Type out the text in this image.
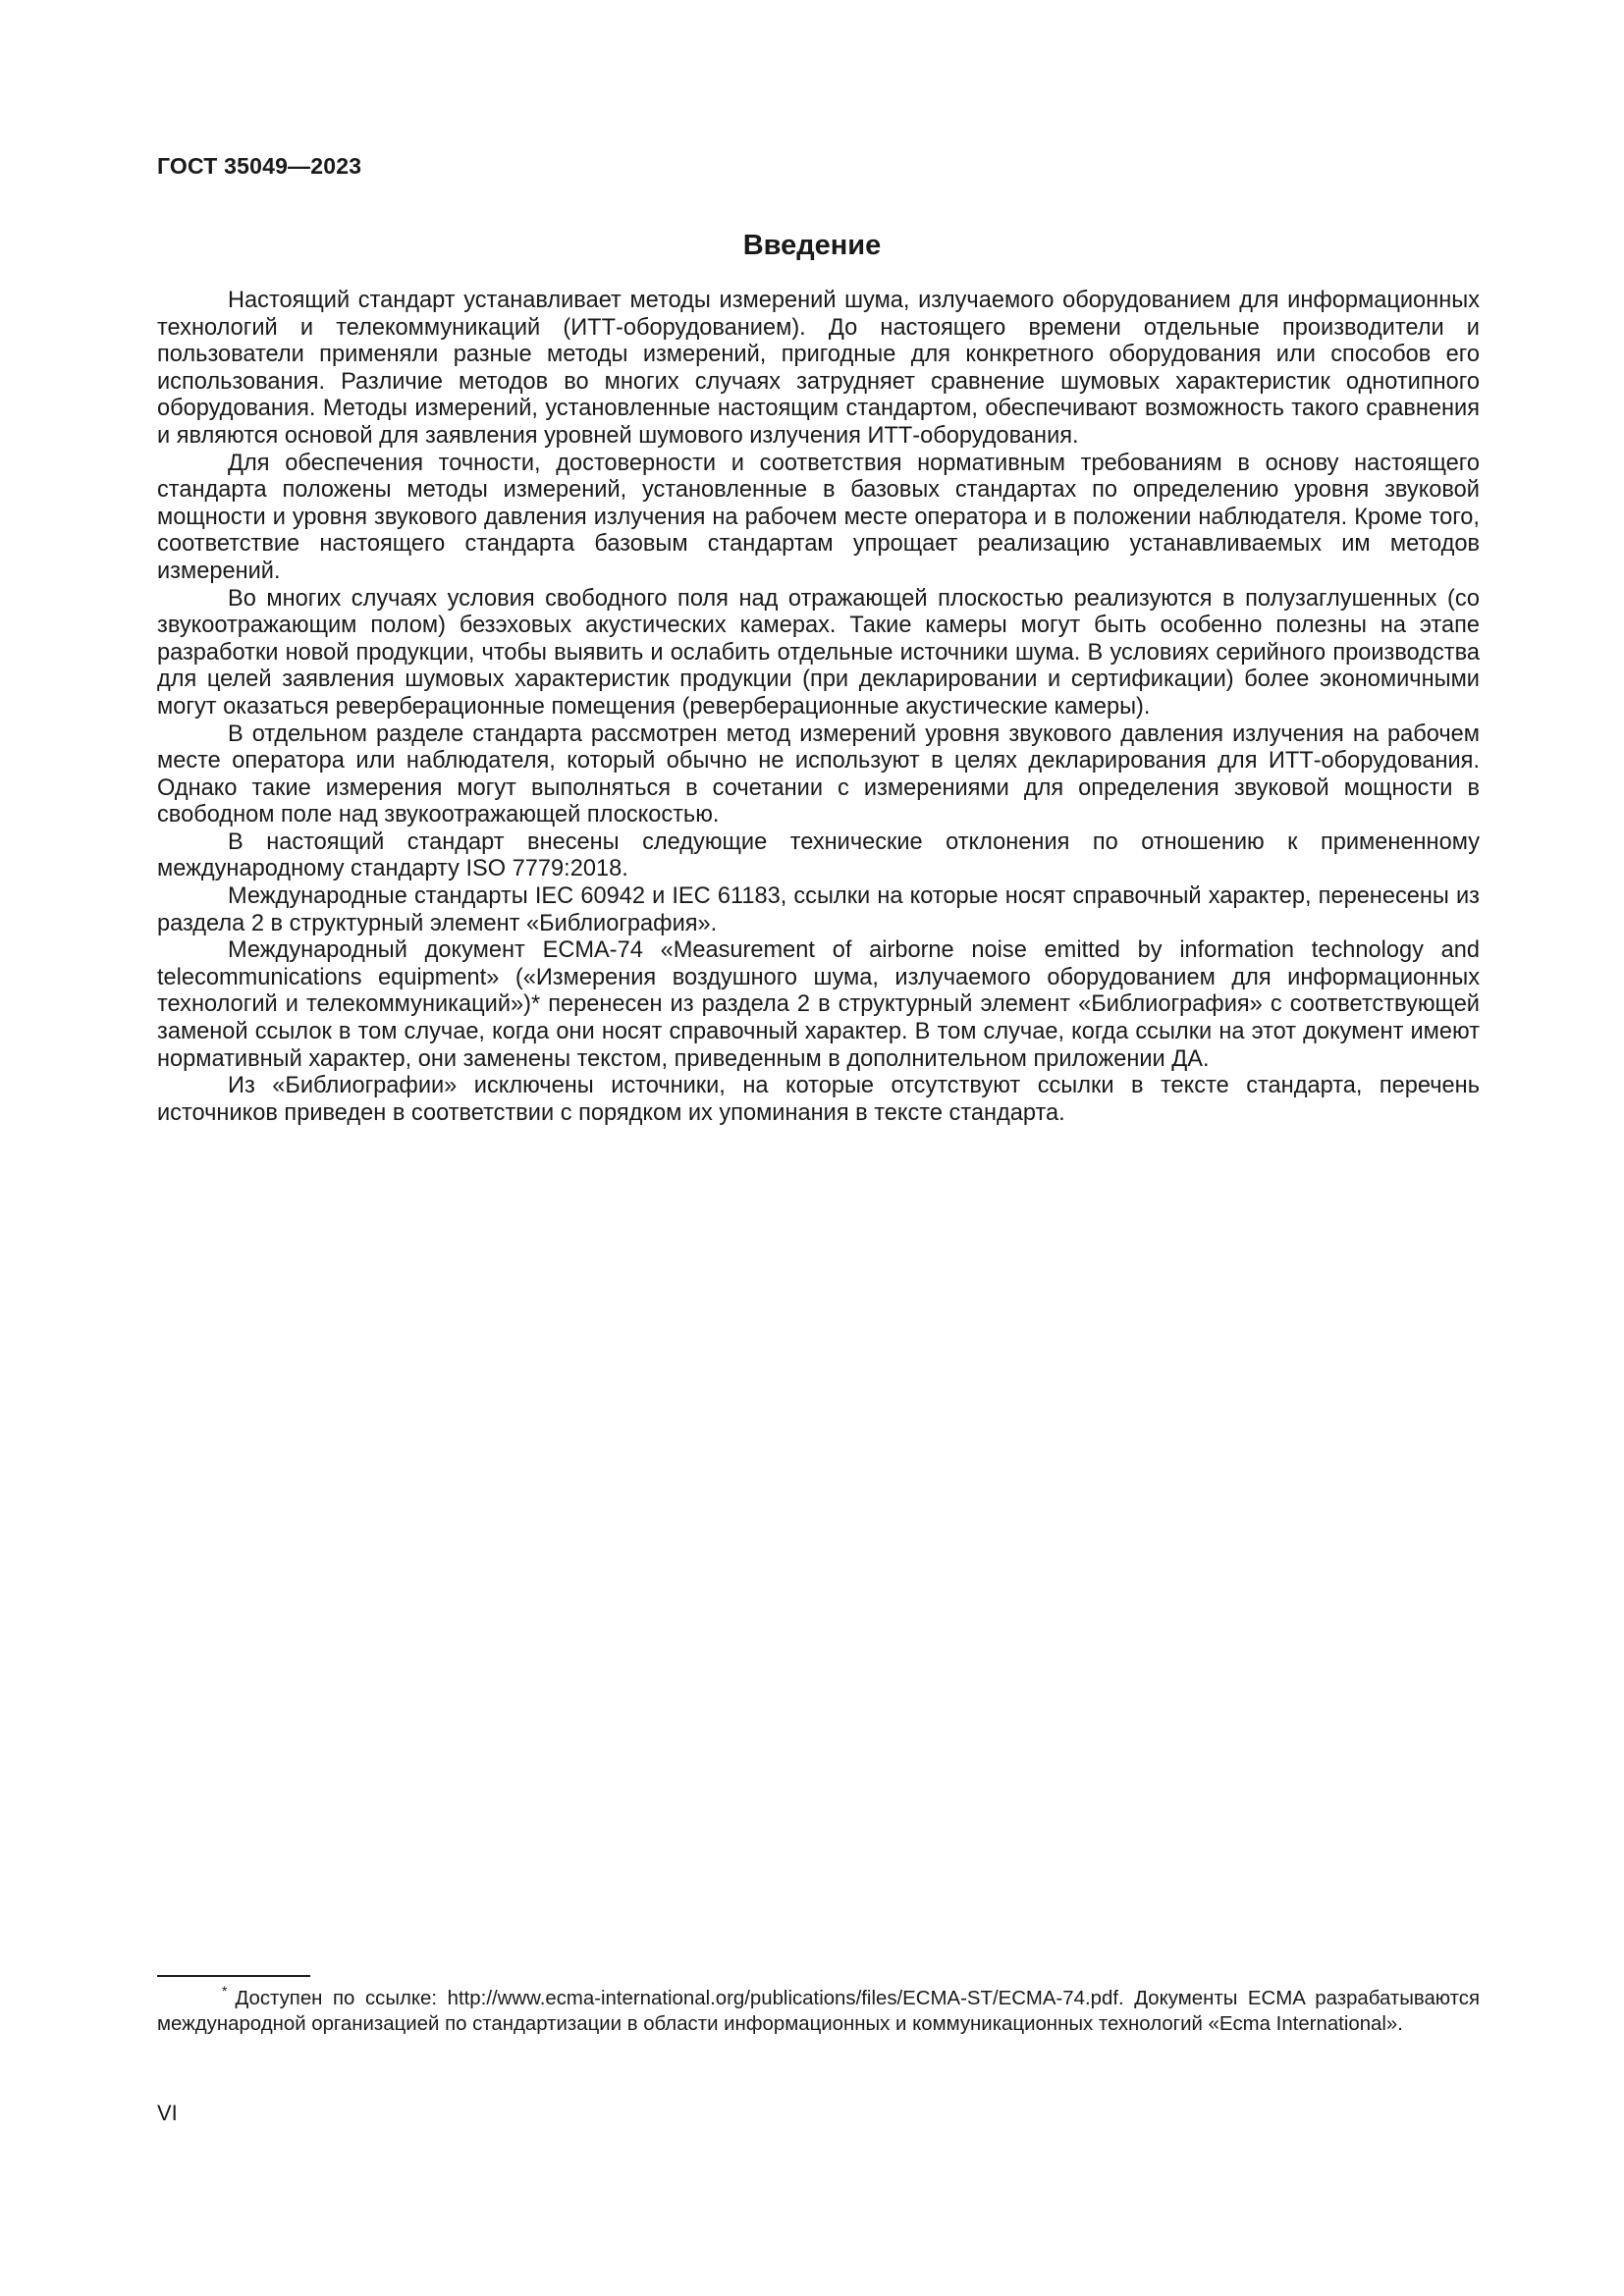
ГОСТ 35049—2023
Введение

Настоящий стандарт устанавливает методы измерений шума, излучаемого оборудованием для информационных технологий и телекоммуникаций (ИТТ-оборудованием). До настоящего времени отдельные производители и пользователи применяли разные методы измерений, пригодные для конкретного оборудования или способов его использования. Различие методов во многих случаях затрудняет сравнение шумовых характеристик однотипного оборудования. Методы измерений, установленные настоящим стандартом, обеспечивают возможность такого сравнения и являются основой для заявления уровней шумового излучения ИТТ-оборудования.

Для обеспечения точности, достоверности и соответствия нормативным требованиям в основу настоящего стандарта положены методы измерений, установленные в базовых стандартах по определению уровня звуковой мощности и уровня звукового давления излучения на рабочем месте оператора и в положении наблюдателя. Кроме того, соответствие настоящего стандарта базовым стандартам упрощает реализацию устанавливаемых им методов измерений.

Во многих случаях условия свободного поля над отражающей плоскостью реализуются в полузаглушенных (со звукоотражающим полом) безэховых акустических камерах. Такие камеры могут быть особенно полезны на этапе разработки новой продукции, чтобы выявить и ослабить отдельные источники шума. В условиях серийного производства для целей заявления шумовых характеристик продукции (при декларировании и сертификации) более экономичными могут оказаться реверберационные помещения (реверберационные акустические камеры).

В отдельном разделе стандарта рассмотрен метод измерений уровня звукового давления излучения на рабочем месте оператора или наблюдателя, который обычно не используют в целях декларирования для ИТТ-оборудования. Однако такие измерения могут выполняться в сочетании с измерениями для определения звуковой мощности в свободном поле над звукоотражающей плоскостью.

В настоящий стандарт внесены следующие технические отклонения по отношению к примененному международному стандарту ISO 7779:2018.

Международные стандарты IEC 60942 и IEC 61183, ссылки на которые носят справочный характер, перенесены из раздела 2 в структурный элемент «Библиография».

Международный документ ECMA-74 «Measurement of airborne noise emitted by information technology and telecommunications equipment» («Измерения воздушного шума, излучаемого оборудованием для информационных технологий и телекоммуникаций»)* перенесен из раздела 2 в структурный элемент «Библиография» с соответствующей заменой ссылок в том случае, когда они носят справочный характер. В том случае, когда ссылки на этот документ имеют нормативный характер, они заменены текстом, приведенным в дополнительном приложении ДА.

Из «Библиографии» исключены источники, на которые отсутствуют ссылки в тексте стандарта, перечень источников приведен в соответствии с порядком их упоминания в тексте стандарта.

* Доступен по ссылке: http://www.ecma-international.org/publications/files/ECMA-ST/ECMA-74.pdf. Документы ECMA разрабатываются международной организацией по стандартизации в области информационных и коммуникационных технологий «Ecma International».

VI
